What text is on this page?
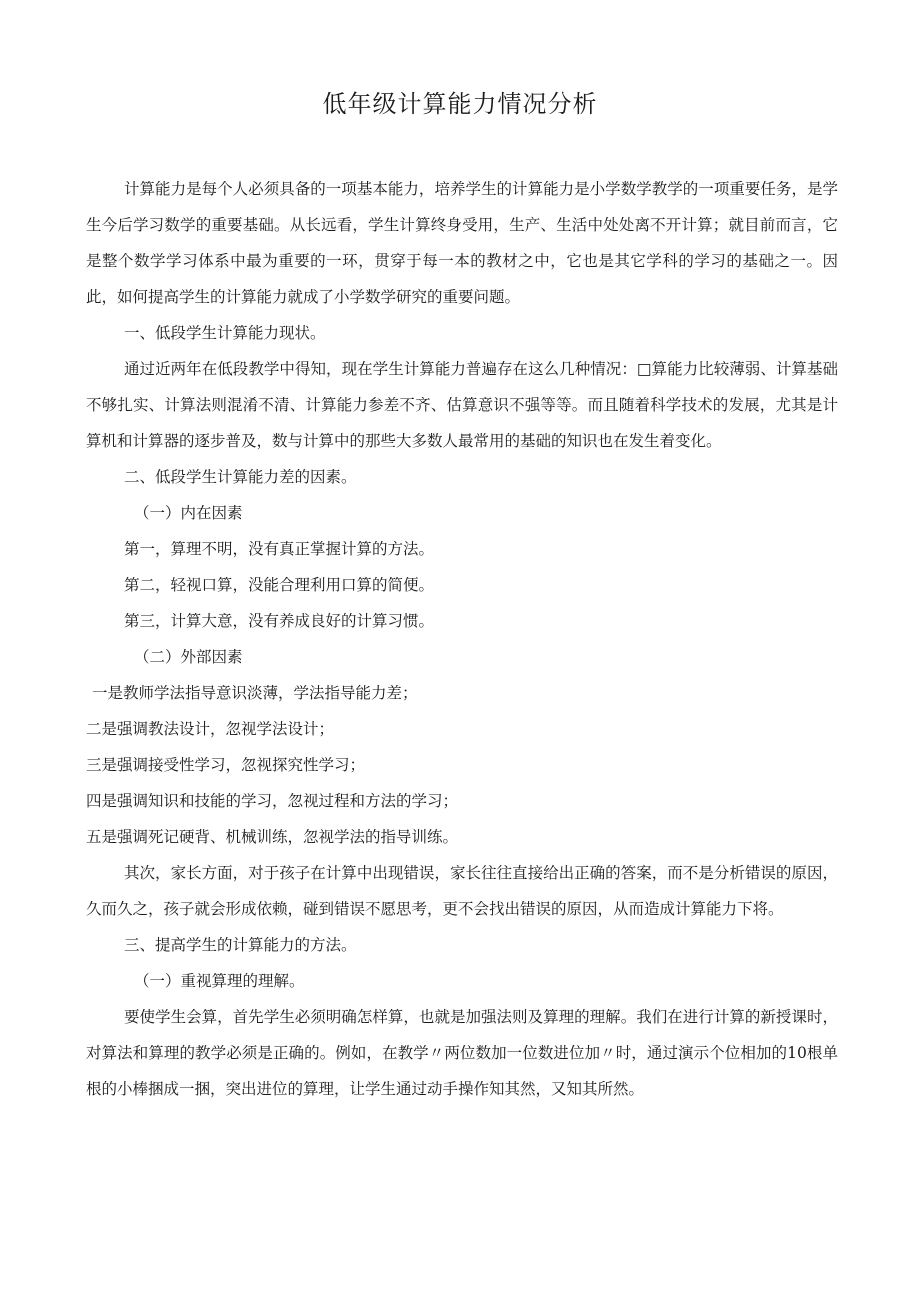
低年级计算能力情况分析

计算能力是每个人必须具备的一项基本能力，培养学生的计算能力是小学数学教学的一项重要任务，是学生今后学习数学的重要基础。从长远看，学生计算终身受用，生产、生活中处处离不开计算；就目前而言，它是整个数学学习体系中最为重要的一环，贯穿于每一本的教材之中，它也是其它学科的学习的基础之一。因此，如何提高学生的计算能力就成了小学数学研究的重要问题。

一、低段学生计算能力现状。

通过近两年在低段教学中得知，现在学生计算能力普遍存在这么几种情况：□算能力比较薄弱、计算基础不够扎实、计算法则混淆不清、计算能力参差不齐、估算意识不强等等。而且随着科学技术的发展，尤其是计算机和计算器的逐步普及，数与计算中的那些大多数人最常用的基础的知识也在发生着变化。

二、低段学生计算能力差的因素。

（一）内在因素

第一，算理不明，没有真正掌握计算的方法。

第二，轻视口算，没能合理利用口算的简便。

第三，计算大意，没有养成良好的计算习惯。

（二）外部因素

一是教师学法指导意识淡薄，学法指导能力差；

二是强调教法设计，忽视学法设计；

三是强调接受性学习，忽视探究性学习；

四是强调知识和技能的学习，忽视过程和方法的学习；

五是强调死记硬背、机械训练，忽视学法的指导训练。

其次，家长方面，对于孩子在计算中出现错误，家长往往直接给出正确的答案，而不是分析错误的原因，久而久之，孩子就会形成依赖，碰到错误不愿思考，更不会找出错误的原因，从而造成计算能力下将。

三、提高学生的计算能力的方法。

（一）重视算理的理解。

要使学生会算，首先学生必须明确怎样算，也就是加强法则及算理的理解。我们在进行计算的新授课时，对算法和算理的教学必须是正确的。例如，在教学〃两位数加一位数进位加〃时，通过演示个位相加的10根单根的小棒捆成一捆，突出进位的算理，让学生通过动手操作知其然，又知其所然。
